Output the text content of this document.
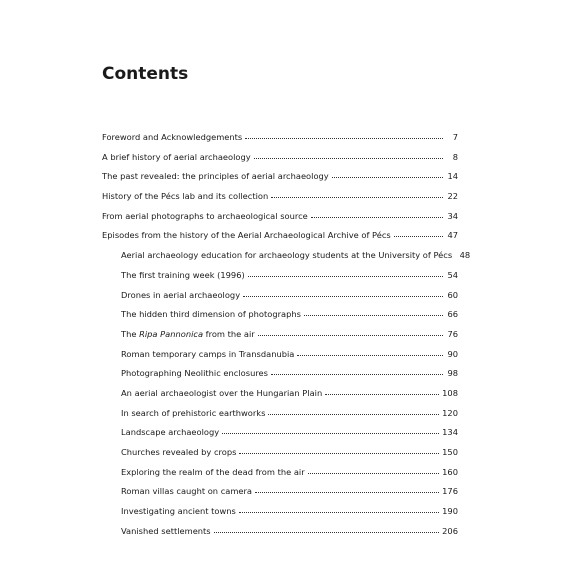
Contents
Foreword and Acknowledgements	7
A brief history of aerial archaeology	8
The past revealed: the principles of aerial archaeology	14
History of the Pécs lab and its collection	22
From aerial photographs to archaeological source	34
Episodes from the history of the Aerial Archaeological Archive of Pécs	47
Aerial archaeology education for archaeology students at the University of Pécs 48
The first training week (1996)	54
Drones in aerial archaeology	60
The hidden third dimension of photographs	66
The Ripa Pannonica from the air	76
Roman temporary camps in Transdanubia	90
Photographing Neolithic enclosures	98
An aerial archaeologist over the Hungarian Plain	108
In search of prehistoric earthworks	120
Landscape archaeology	134
Churches revealed by crops	150
Exploring the realm of the dead from the air	160
Roman villas caught on camera	176
Investigating ancient towns	190
Vanished settlements	206
